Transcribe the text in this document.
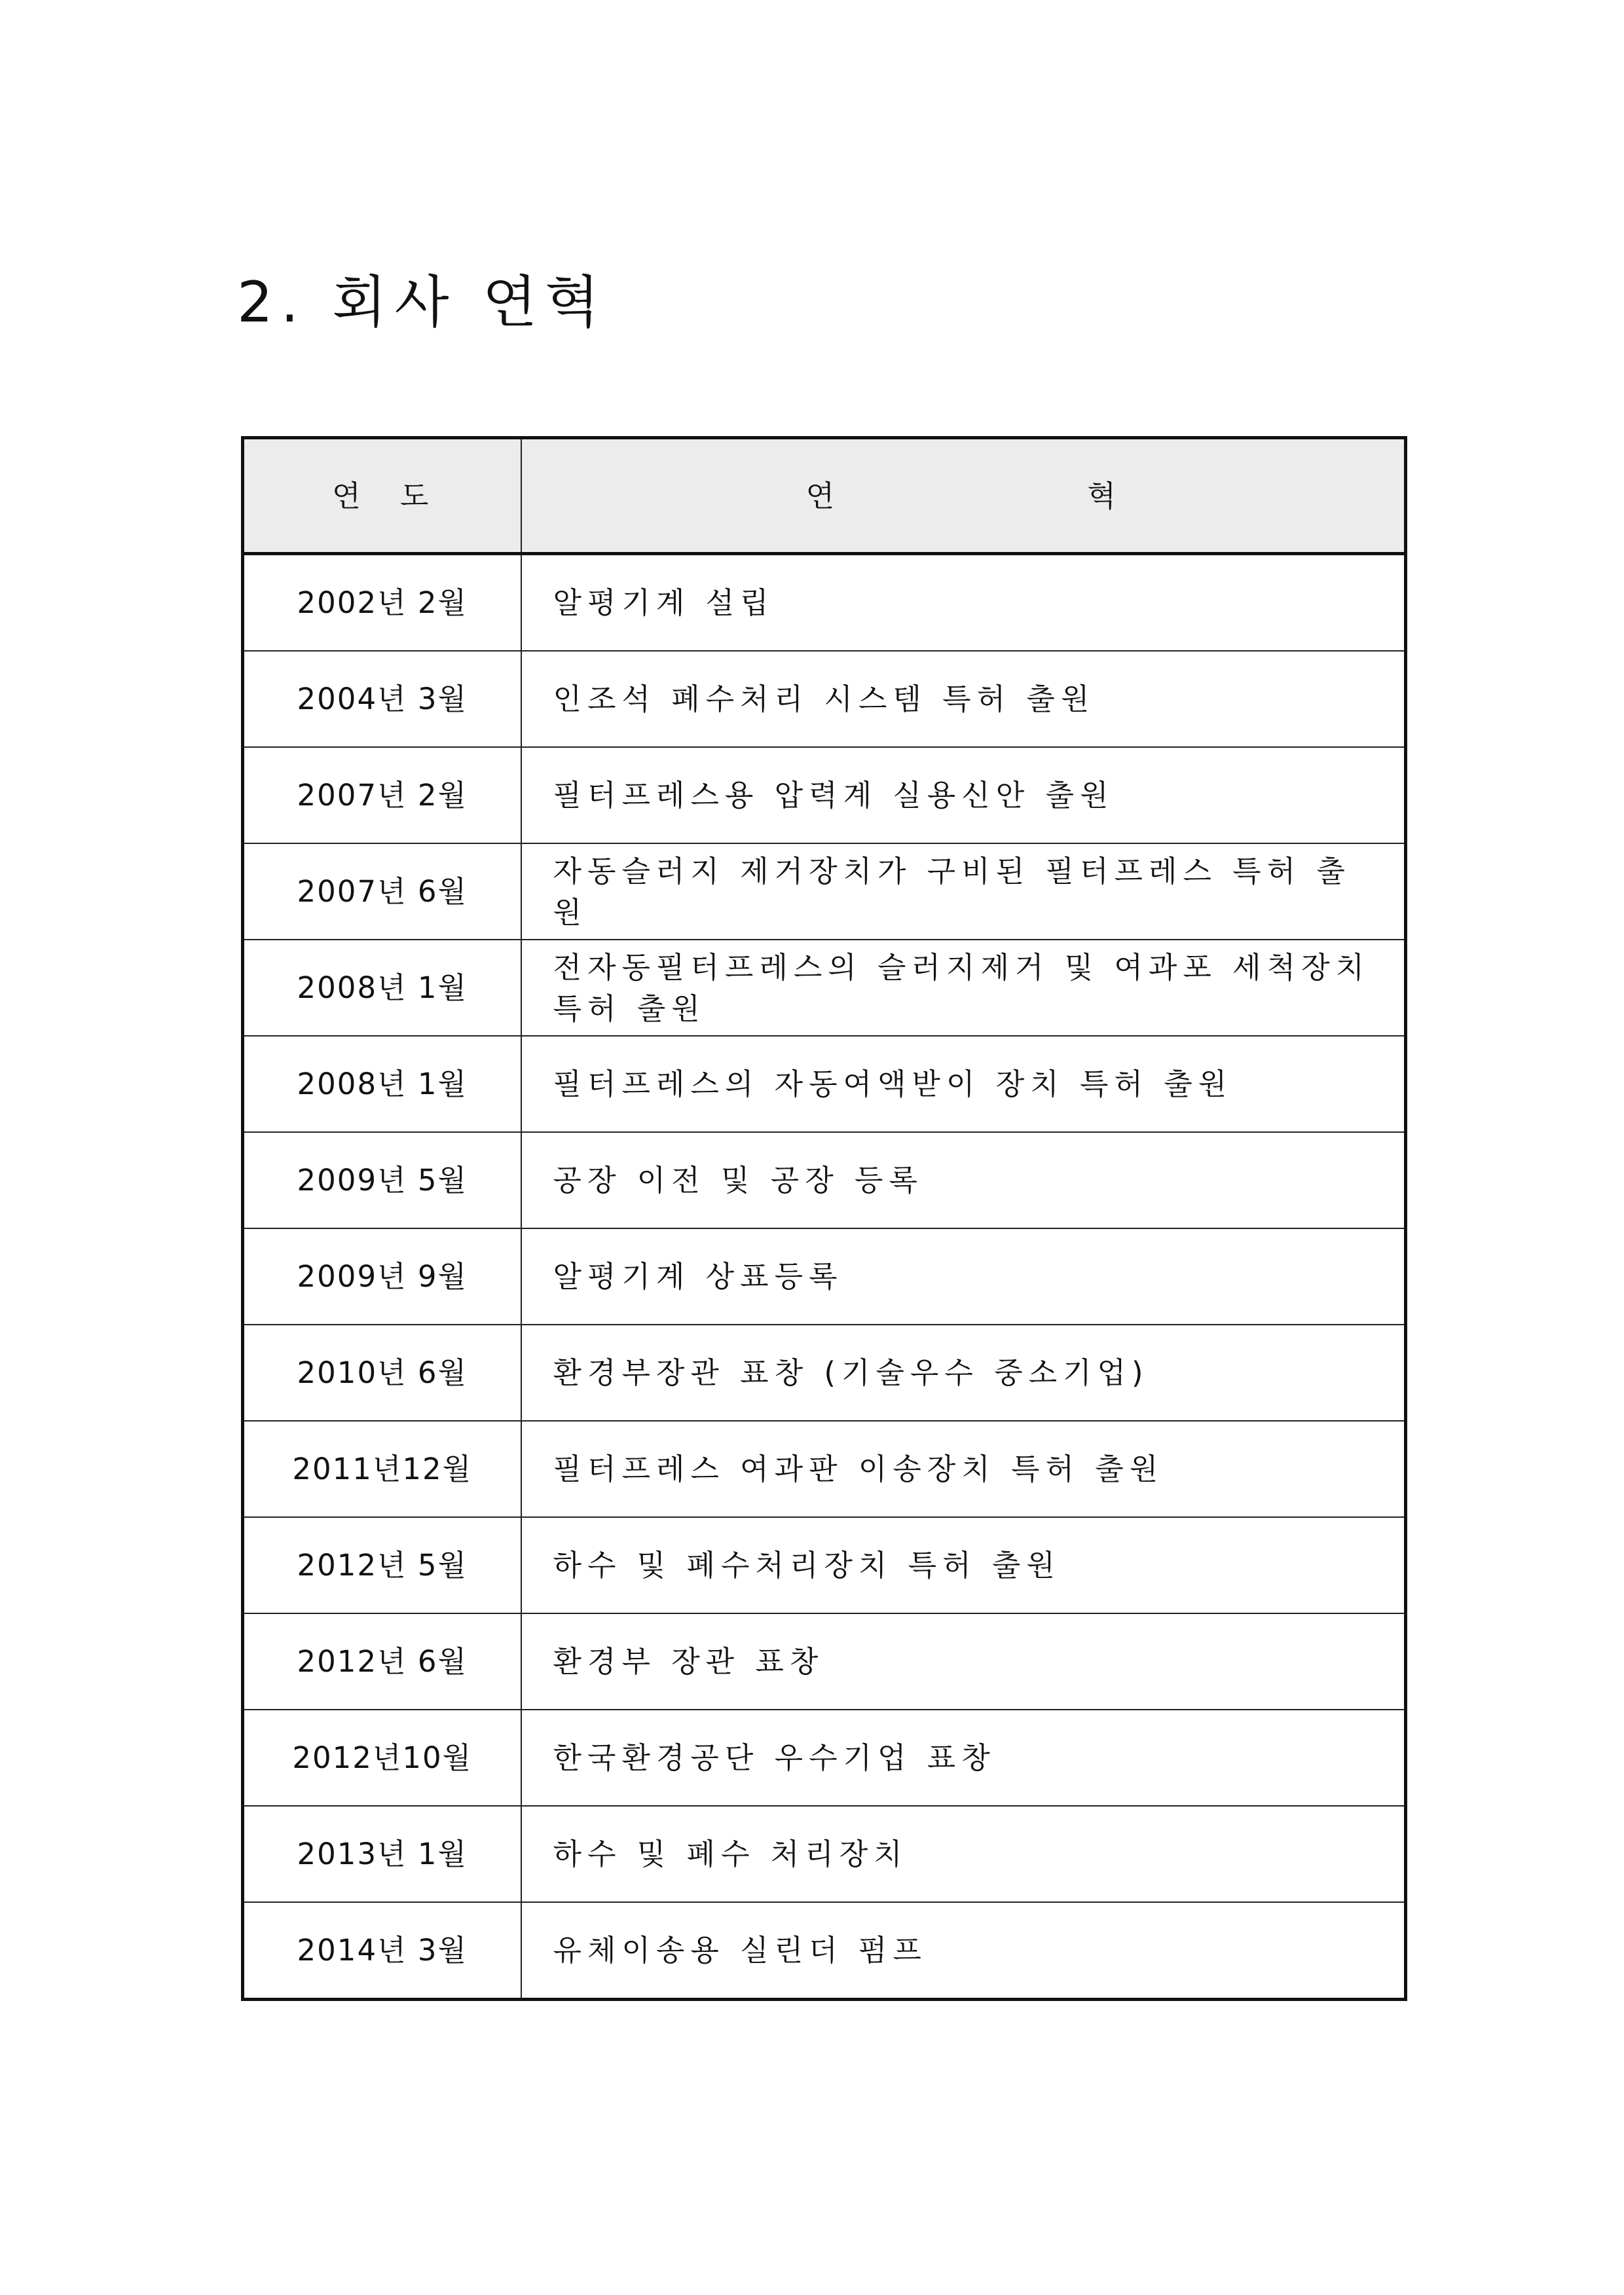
2. 회사 연혁
연 도	연 혁
2002년 2월	알평기계 설립
2004년 3월	인조석 폐수처리 시스템 특허 출원
2007년 2월	필터프레스용 압력계 실용신안 출원
2007년 6월	자동슬러지 제거장치가 구비된 필터프레스 특허 출원
2008년 1월	전자동필터프레스의 슬러지제거 및 여과포 세척장치 특허 출원
2008년 1월	필터프레스의 자동여액받이 장치 특허 출원
2009년 5월	공장 이전 및 공장 등록
2009년 9월	알평기계 상표등록
2010년 6월	환경부장관 표창 (기술우수 중소기업)
2011년12월	필터프레스 여과판 이송장치 특허 출원
2012년 5월	하수 및 폐수처리장치 특허 출원
2012년 6월	환경부 장관 표창
2012년10월	한국환경공단 우수기업 표창
2013년 1월	하수 및 폐수 처리장치
2014년 3월	유체이송용 실린더 펌프
